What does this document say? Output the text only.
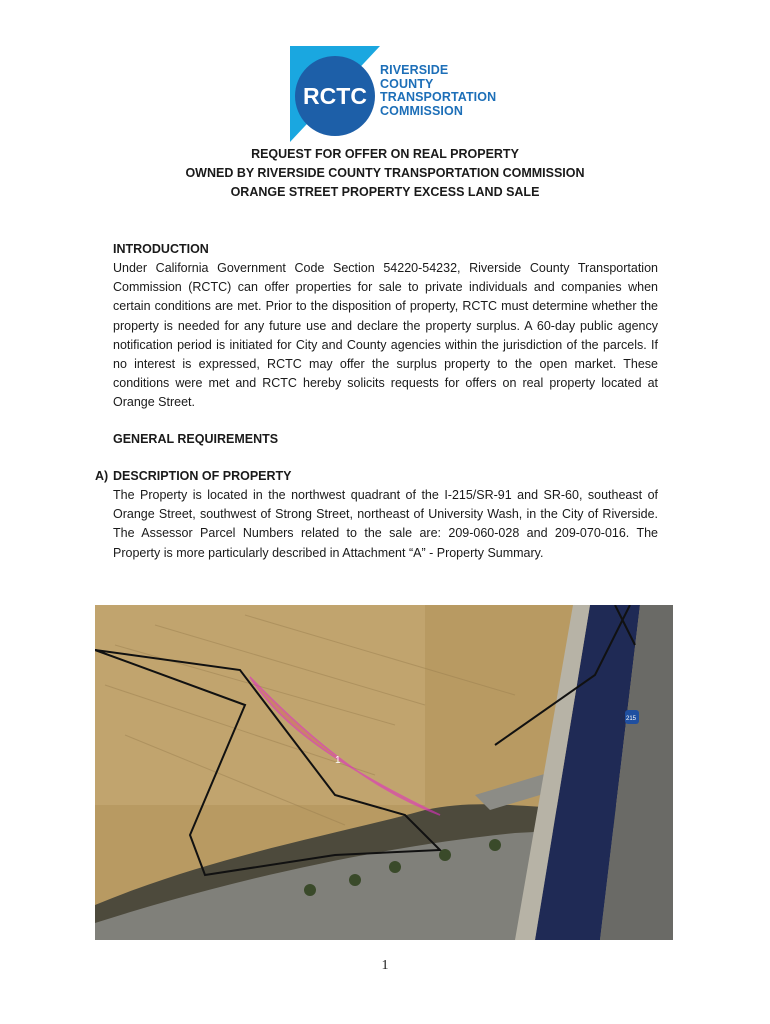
RCTC
RIVERSIDE
COUNTY
TRANSPORTATION
COMMISSION
REQUEST FOR OFFER ON REAL PROPERTY
OWNED BY RIVERSIDE COUNTY TRANSPORTATION COMMISSION
ORANGE STREET PROPERTY EXCESS LAND SALE
INTRODUCTION
Under California Government Code Section 54220-54232, Riverside County Transportation Commission (RCTC) can offer properties for sale to private individuals and companies when certain conditions are met. Prior to the disposition of property, RCTC must determine whether the property is needed for any future use and declare the property surplus. A 60-day public agency notification period is initiated for City and County agencies within the jurisdiction of the parcels. If no interest is expressed, RCTC may offer the surplus property to the open market. These conditions were met and RCTC hereby solicits requests for offers on real property located at Orange Street.
GENERAL REQUIREMENTS
A) DESCRIPTION OF PROPERTY
The Property is located in the northwest quadrant of the I-215/SR-91 and SR-60, southeast of Orange Street, southwest of Strong Street, northeast of University Wash, in the City of Riverside. The Assessor Parcel Numbers related to the sale are: 209-060-028 and 209-070-016. The Property is more particularly described in Attachment “A” - Property Summary.
1
215
1
